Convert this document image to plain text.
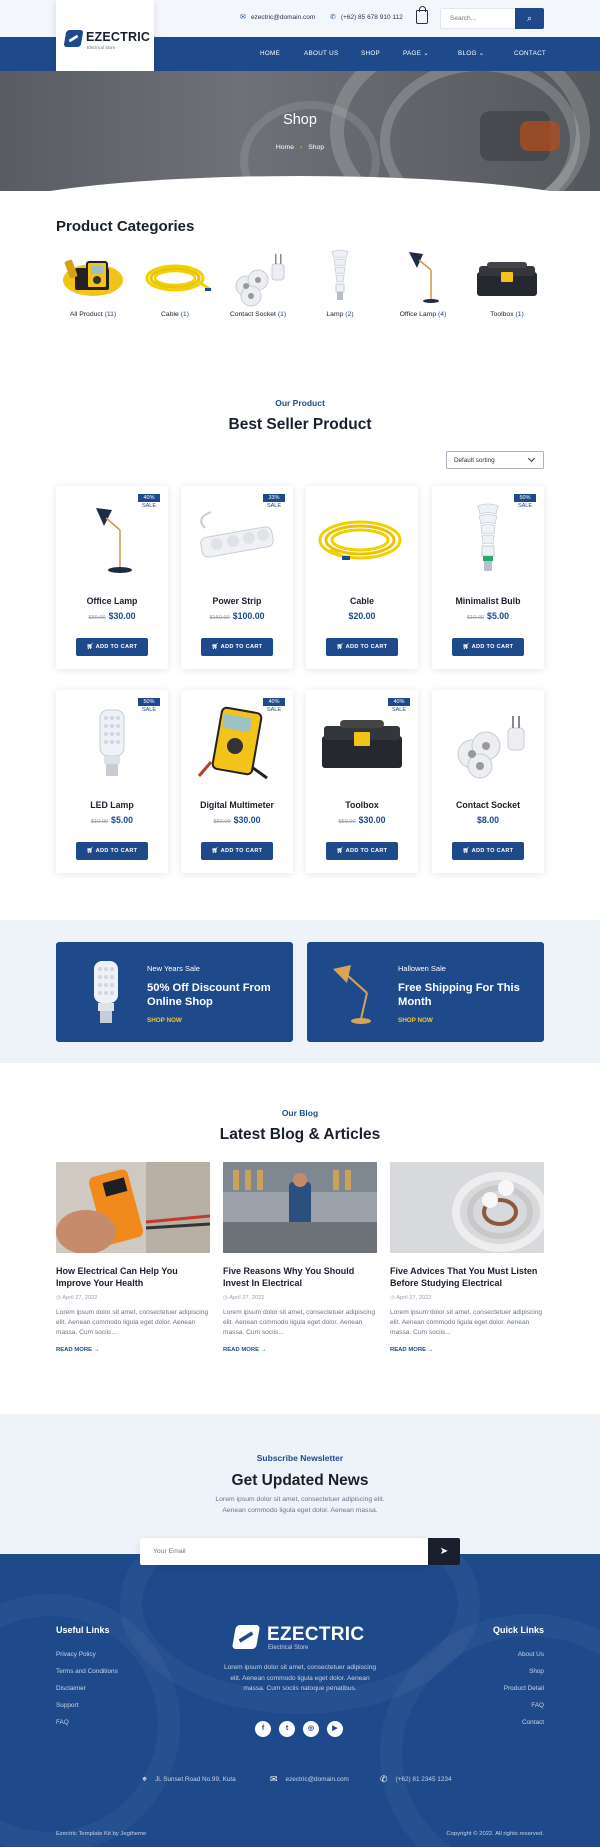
✉ ezectric@domain.com ✆ (+62) 85 678 910 112
Search...	⌕
HOME	ABOUT US	SHOP	PAGE ⌄	BLOG ⌄	CONTACT
EZECTRIC
Electrical Store
Shop
Home › Shop
Product Categories
All Product (11)	Cable (1)	Contact Socket (1)	Lamp (2)	Office Lamp (4)	Toolbox (1)
Our Product
Best Seller Product
Default sorting
40%
SALE
Office Lamp
$50.00 $30.00
🛒︎ ADD TO CART
33%
SALE
Power Strip
$150.00 $100.00
🛒︎ ADD TO CART
Cable
$20.00
🛒︎ ADD TO CART
50%
SALE
Minimalist Bulb
$10.00 $5.00
🛒︎ ADD TO CART
50%
SALE
LED Lamp
$10.00 $5.00
🛒︎ ADD TO CART
40%
SALE
Digital Multimeter
$50.00 $30.00
🛒︎ ADD TO CART
40%
SALE
Toolbox
$50.00 $30.00
🛒︎ ADD TO CART
Contact Socket
$8.00
🛒︎ ADD TO CART
New Years Sale
50% Off Discount From Online Shop
SHOP NOW
Hallowen Sale
Free Shipping For This Month
SHOP NOW
Our Blog
Latest Blog & Articles
How Electrical Can Help You Improve Your Health
◷ April 27, 2022
Lorem ipsum dolor sit amet, consectetuer adipiscing elit. Aenean commodo ligula eget dolor. Aenean massa. Cum sociis...
READ MORE →
Five Reasons Why You Should Invest In Electrical
◷ April 27, 2022
Lorem ipsum dolor sit amet, consectetuer adipiscing elit. Aenean commodo ligula eget dolor. Aenean massa. Cum sociis...
READ MORE →
Five Advices That You Must Listen Before Studying Electrical
◷ April 27, 2022
Lorem ipsum dolor sit amet, consectetuer adipiscing elit. Aenean commodo ligula eget dolor. Aenean massa. Cum sociis...
READ MORE →
Subscribe Newsletter
Get Updated News
Lorem ipsum dolor sit amet, consectetuer adipiscing elit.
Aenean commodo ligula eget dolor. Aenean massa.
Your Email
➤
Useful Links
Privacy Policy
Terms and Conditions
Disclaimer
Support
FAQ
EZECTRIC
Electrical Store
Lorem ipsum dolor sit amet, consectetuer adipiscing elit. Aenean commodo ligula eget dolor. Aenean massa. Cum sociis natoque penatibus.
f	t	◎	▶
Quick Links
About Us
Shop
Product Detail
FAQ
Contact
⌖ Jl. Sunset Road No.99, Kuta	✉ ezectric@domain.com	✆ (+62) 81 2345 1234
Ezectric Template Kit by Jegtheme	Copyright © 2022. All rights reserved.
